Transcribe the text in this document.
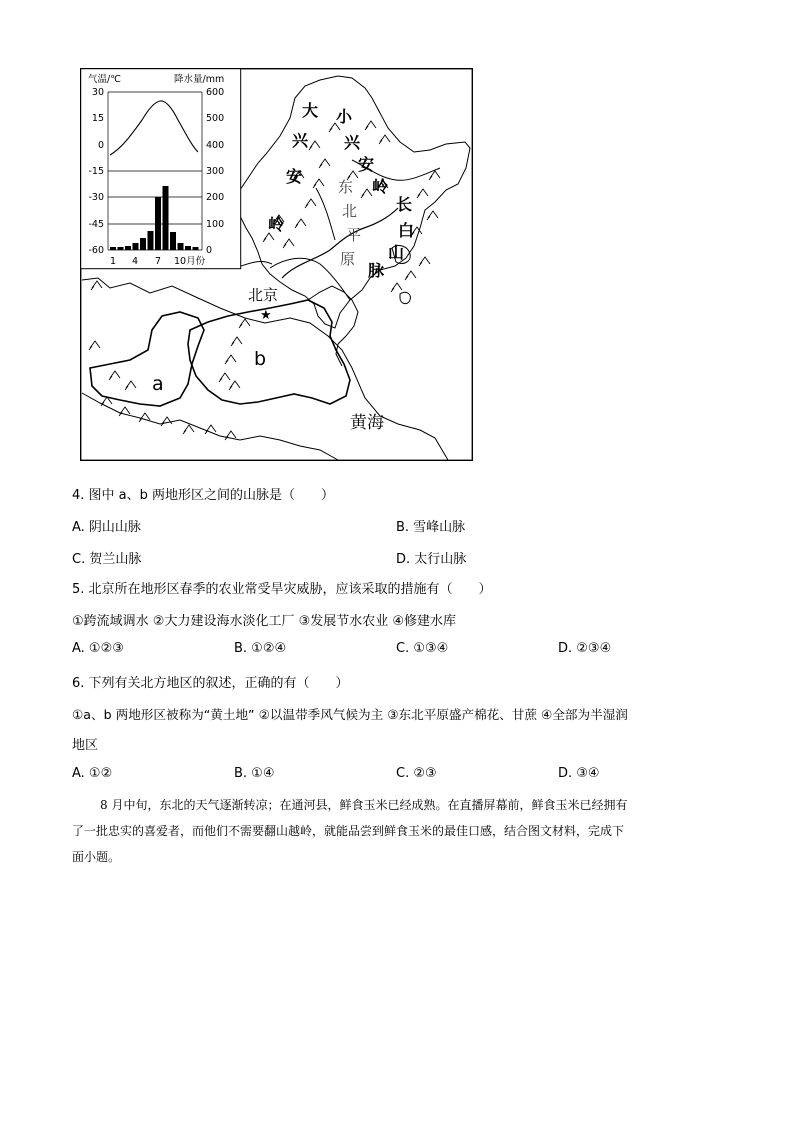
气温/℃	降水量/mm
30
15
0
-15
-30
-45
-60
600
500
400
300
200
100
0
1 4 7 10月份
大
兴
安
岭
小
兴
安
岭
长
白
山
脉
东
北
平
原
北京
★
a
b
黄海
4. 图中 a、b 两地形区之间的山脉是（　　）
A. 阴山山脉	B. 雪峰山脉
C. 贺兰山脉	D. 太行山脉
5. 北京所在地形区春季的农业常受旱灾威胁，应该采取的措施有（　　）
①跨流域调水 ②大力建设海水淡化工厂 ③发展节水农业 ④修建水库
A. ①②③	B. ①②④	C. ①③④	D. ②③④
6. 下列有关北方地区的叙述，正确的有（　　）
①a、b 两地形区被称为“黄土地” ②以温带季风气候为主 ③东北平原盛产棉花、甘蔗 ④全部为半湿润
地区
A. ①②	B. ①④	C. ②③	D. ③④
8 月中旬，东北的天气逐渐转凉；在通河县，鲜食玉米已经成熟。在直播屏幕前，鲜食玉米已经拥有
了一批忠实的喜爱者，而他们不需要翻山越岭，就能品尝到鲜食玉米的最佳口感，结合图文材料，完成下
面小题。
